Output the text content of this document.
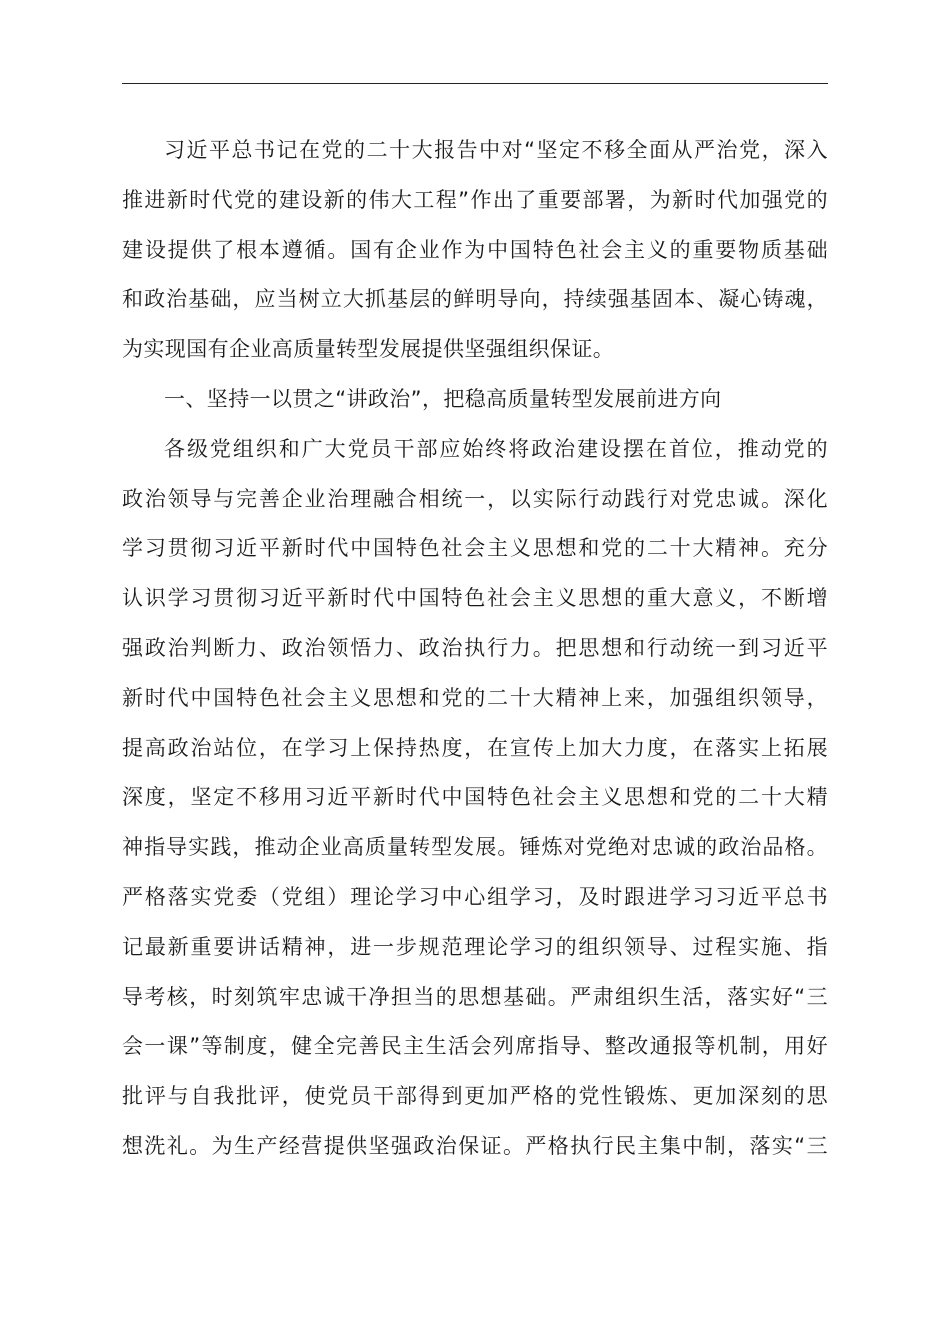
习近平总书记在党的二十大报告中对“坚定不移全面从严治党，深入
推进新时代党的建设新的伟大工程”作出了重要部署，为新时代加强党的
建设提供了根本遵循。国有企业作为中国特色社会主义的重要物质基础
和政治基础，应当树立大抓基层的鲜明导向，持续强基固本、凝心铸魂，
为实现国有企业高质量转型发展提供坚强组织保证。
一、坚持一以贯之“讲政治”，把稳高质量转型发展前进方向
各级党组织和广大党员干部应始终将政治建设摆在首位，推动党的
政治领导与完善企业治理融合相统一，以实际行动践行对党忠诚。深化
学习贯彻习近平新时代中国特色社会主义思想和党的二十大精神。充分
认识学习贯彻习近平新时代中国特色社会主义思想的重大意义，不断增
强政治判断力、政治领悟力、政治执行力。把思想和行动统一到习近平
新时代中国特色社会主义思想和党的二十大精神上来，加强组织领导，
提高政治站位，在学习上保持热度，在宣传上加大力度，在落实上拓展
深度，坚定不移用习近平新时代中国特色社会主义思想和党的二十大精
神指导实践，推动企业高质量转型发展。锤炼对党绝对忠诚的政治品格。
严格落实党委（党组）理论学习中心组学习，及时跟进学习习近平总书
记最新重要讲话精神，进一步规范理论学习的组织领导、过程实施、指
导考核，时刻筑牢忠诚干净担当的思想基础。严肃组织生活，落实好“三
会一课”等制度，健全完善民主生活会列席指导、整改通报等机制，用好
批评与自我批评，使党员干部得到更加严格的党性锻炼、更加深刻的思
想洗礼。为生产经营提供坚强政治保证。严格执行民主集中制，落实“三
